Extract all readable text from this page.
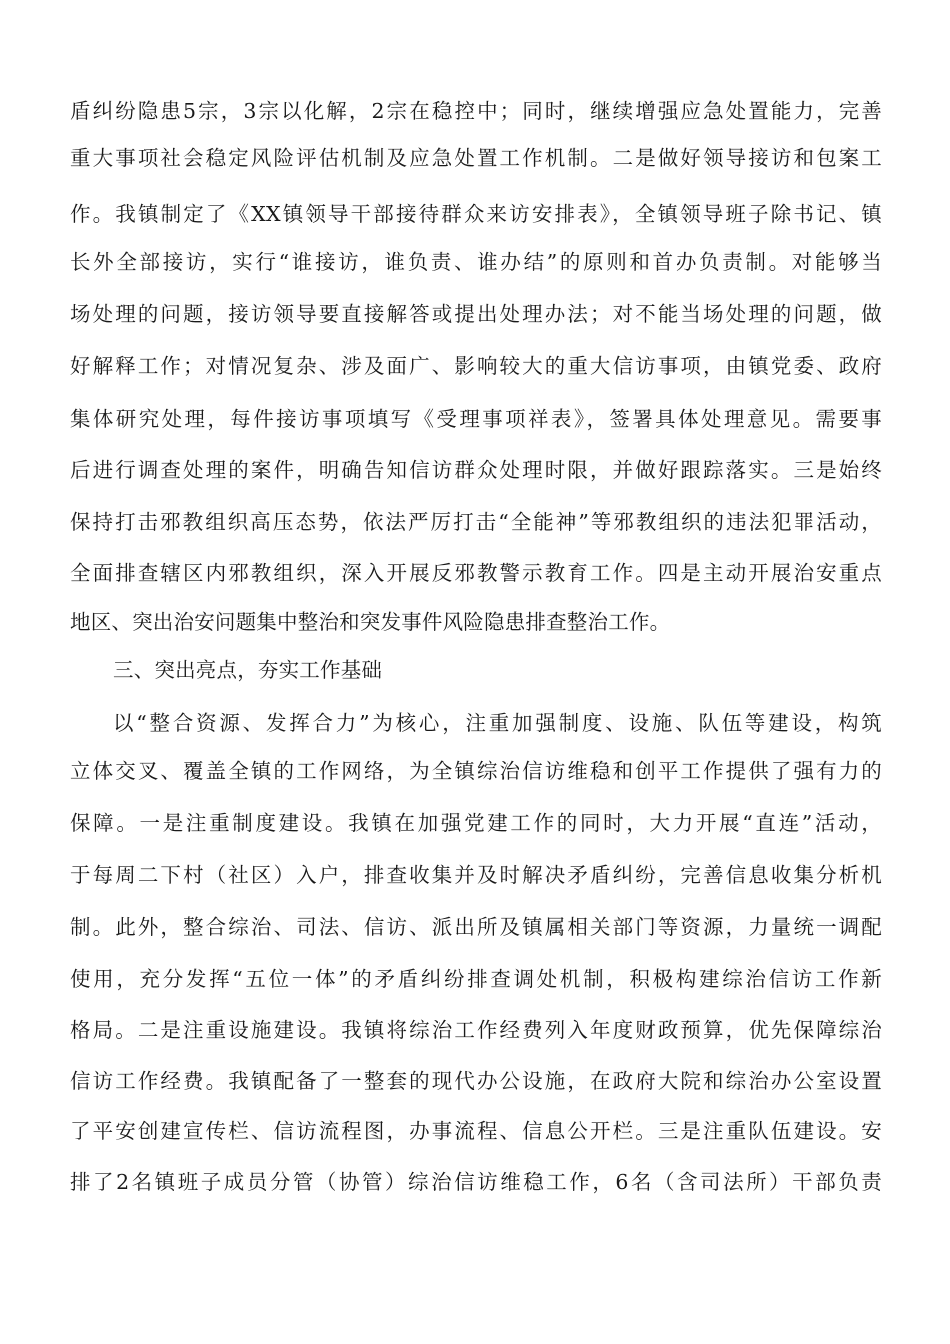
盾纠纷隐患5宗，3宗以化解，2宗在稳控中；同时，继续增强应急处置能力，完善
重大事项社会稳定风险评估机制及应急处置工作机制。二是做好领导接访和包案工
作。我镇制定了《XX镇领导干部接待群众来访安排表》，全镇领导班子除书记、镇
长外全部接访，实行“谁接访，谁负责、谁办结”的原则和首办负责制。对能够当
场处理的问题，接访领导要直接解答或提出处理办法；对不能当场处理的问题，做
好解释工作；对情况复杂、涉及面广、影响较大的重大信访事项，由镇党委、政府
集体研究处理，每件接访事项填写《受理事项祥表》，签署具体处理意见。需要事
后进行调查处理的案件，明确告知信访群众处理时限，并做好跟踪落实。三是始终
保持打击邪教组织高压态势，依法严厉打击“全能神”等邪教组织的违法犯罪活动，
全面排查辖区内邪教组织，深入开展反邪教警示教育工作。四是主动开展治安重点
地区、突出治安问题集中整治和突发事件风险隐患排查整治工作。
三、突出亮点，夯实工作基础
以“整合资源、发挥合力”为核心，注重加强制度、设施、队伍等建设，构筑
立体交叉、覆盖全镇的工作网络，为全镇综治信访维稳和创平工作提供了强有力的
保障。一是注重制度建设。我镇在加强党建工作的同时，大力开展“直连”活动，
于每周二下村（社区）入户，排查收集并及时解决矛盾纠纷，完善信息收集分析机
制。此外，整合综治、司法、信访、派出所及镇属相关部门等资源，力量统一调配
使用，充分发挥“五位一体”的矛盾纠纷排查调处机制，积极构建综治信访工作新
格局。二是注重设施建设。我镇将综治工作经费列入年度财政预算，优先保障综治
信访工作经费。我镇配备了一整套的现代办公设施，在政府大院和综治办公室设置
了平安创建宣传栏、信访流程图，办事流程、信息公开栏。三是注重队伍建设。安
排了2名镇班子成员分管（协管）综治信访维稳工作，6名（含司法所）干部负责
